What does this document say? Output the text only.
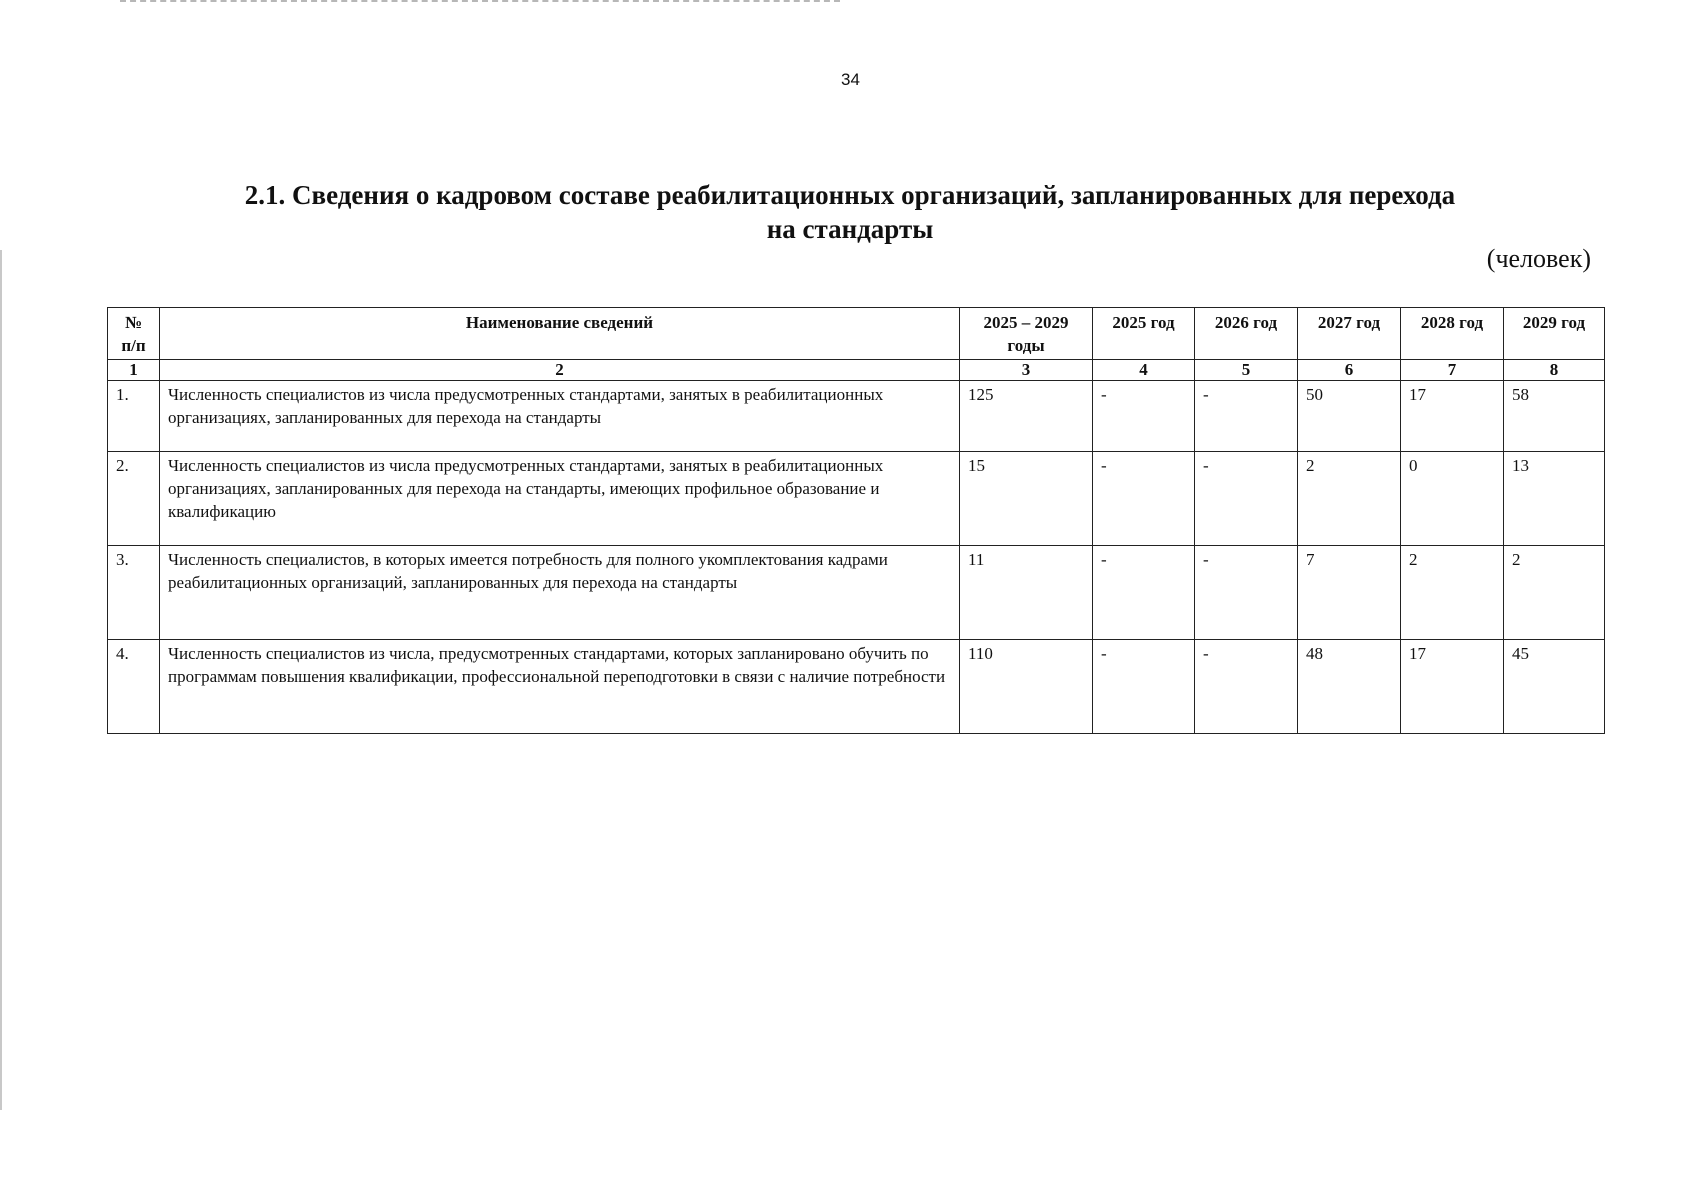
34
2.1. Сведения о кадровом составе реабилитационных организаций, запланированных для перехода
на стандарты
(человек)
№ п/п	Наименование сведений	2025 – 2029 годы	2025 год	2026 год	2027 год	2028 год	2029 год
1	2	3	4	5	6	7	8
1.	Численность специалистов из числа предусмотренных стандартами, занятых в реабилитационных организациях, запланированных для перехода на стандарты	125	-	-	50	17	58
2.	Численность специалистов из числа предусмотренных стандартами, занятых в реабилитационных организациях, запланированных для перехода на стандарты, имеющих профильное образование и квалификацию	15	-	-	2	0	13
3.	Численность специалистов, в которых имеется потребность для полного укомплектования кадрами реабилитационных организаций, запланированных для перехода на стандарты	11	-	-	7	2	2
4.	Численность специалистов из числа, предусмотренных стандартами, которых запланировано обучить по программам повышения квалификации, профессиональной переподготовки в связи с наличие потребности	110	-	-	48	17	45
